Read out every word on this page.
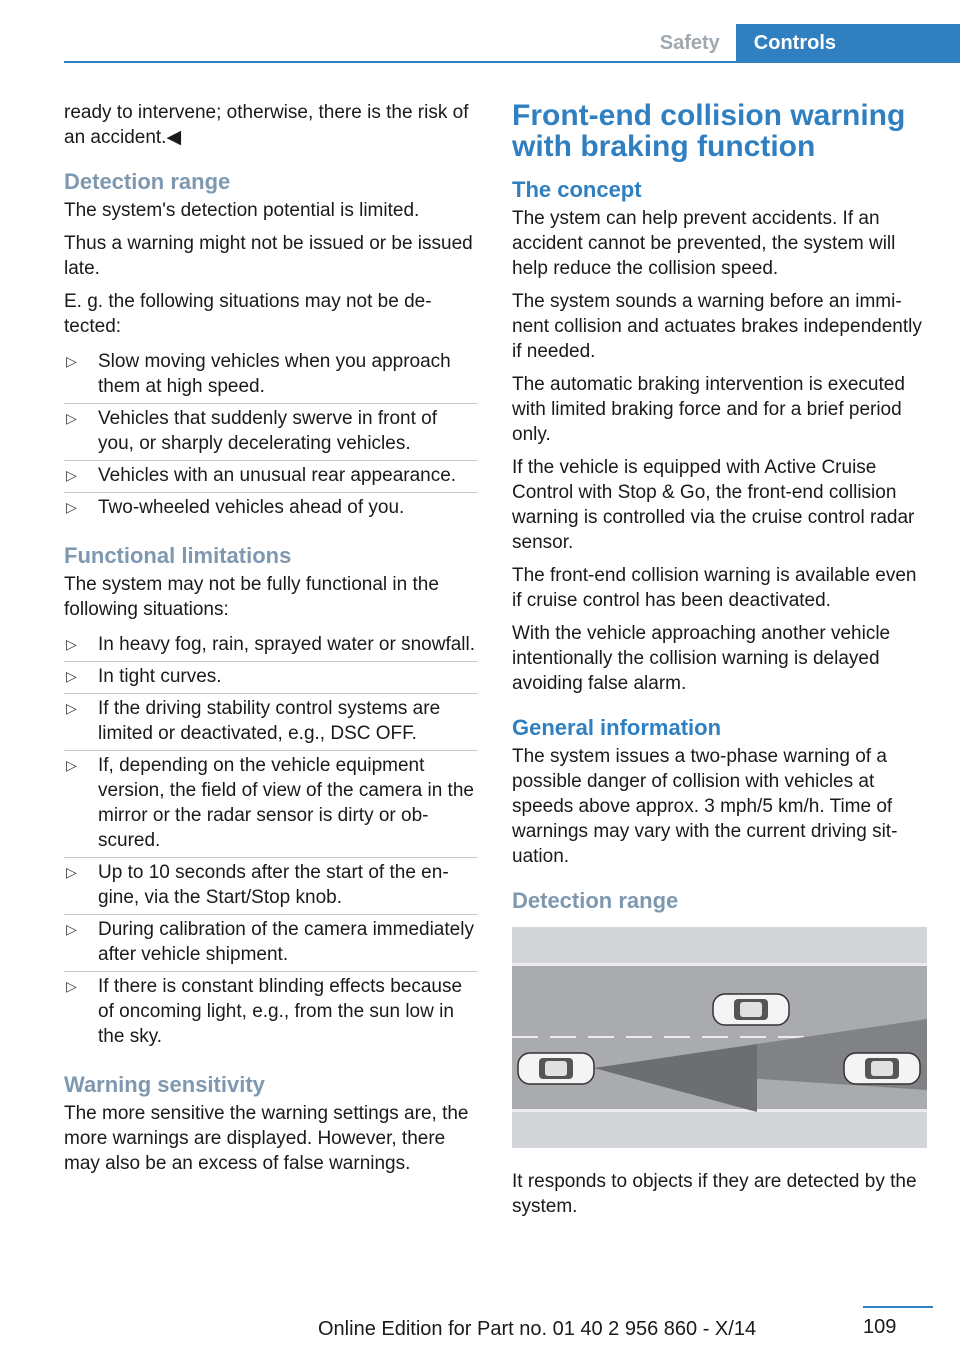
Safety	Controls

ready to intervene; otherwise, there is the risk of an accident.◀

Detection range

The system's detection potential is limited.

Thus a warning might not be issued or be issued late.

E. g. the following situations may not be detected:

▷ Slow moving vehicles when you approach them at high speed.
▷ Vehicles that suddenly swerve in front of you, or sharply decelerating vehicles.
▷ Vehicles with an unusual rear appearance.
▷ Two-wheeled vehicles ahead of you.
Functional limitations

The system may not be fully functional in the following situations:

▷ In heavy fog, rain, sprayed water or snowfall.
▷ In tight curves.
▷ If the driving stability control systems are limited or deactivated, e.g., DSC OFF.
▷ If, depending on the vehicle equipment version, the field of view of the camera in the mirror or the radar sensor is dirty or obscured.
▷ Up to 10 seconds after the start of the engine, via the Start/Stop knob.
▷ During calibration of the camera immediately after vehicle shipment.
▷ If there is constant blinding effects because of oncoming light, e.g., from the sun low in the sky.
Warning sensitivity

The more sensitive the warning settings are, the more warnings are displayed. However, there may also be an excess of false warnings.

Front-end collision warning with braking function
The concept

The ystem can help prevent accidents. If an accident cannot be prevented, the system will help reduce the collision speed.

The system sounds a warning before an imminent collision and actuates brakes independently if needed.

The automatic braking intervention is executed with limited braking force and for a brief period only.

If the vehicle is equipped with Active Cruise Control with Stop & Go, the front-end collision warning is controlled via the cruise control radar sensor.

The front-end collision warning is available even if cruise control has been deactivated.

With the vehicle approaching another vehicle intentionally the collision warning is delayed avoiding false alarm.

General information

The system issues a two-phase warning of a possible danger of collision with vehicles at speeds above approx. 3 mph/5 km/h. Time of warnings may vary with the current driving situation.

Detection range

It responds to objects if they are detected by the system.

109
Online Edition for Part no. 01 40 2 956 860 - X/14
